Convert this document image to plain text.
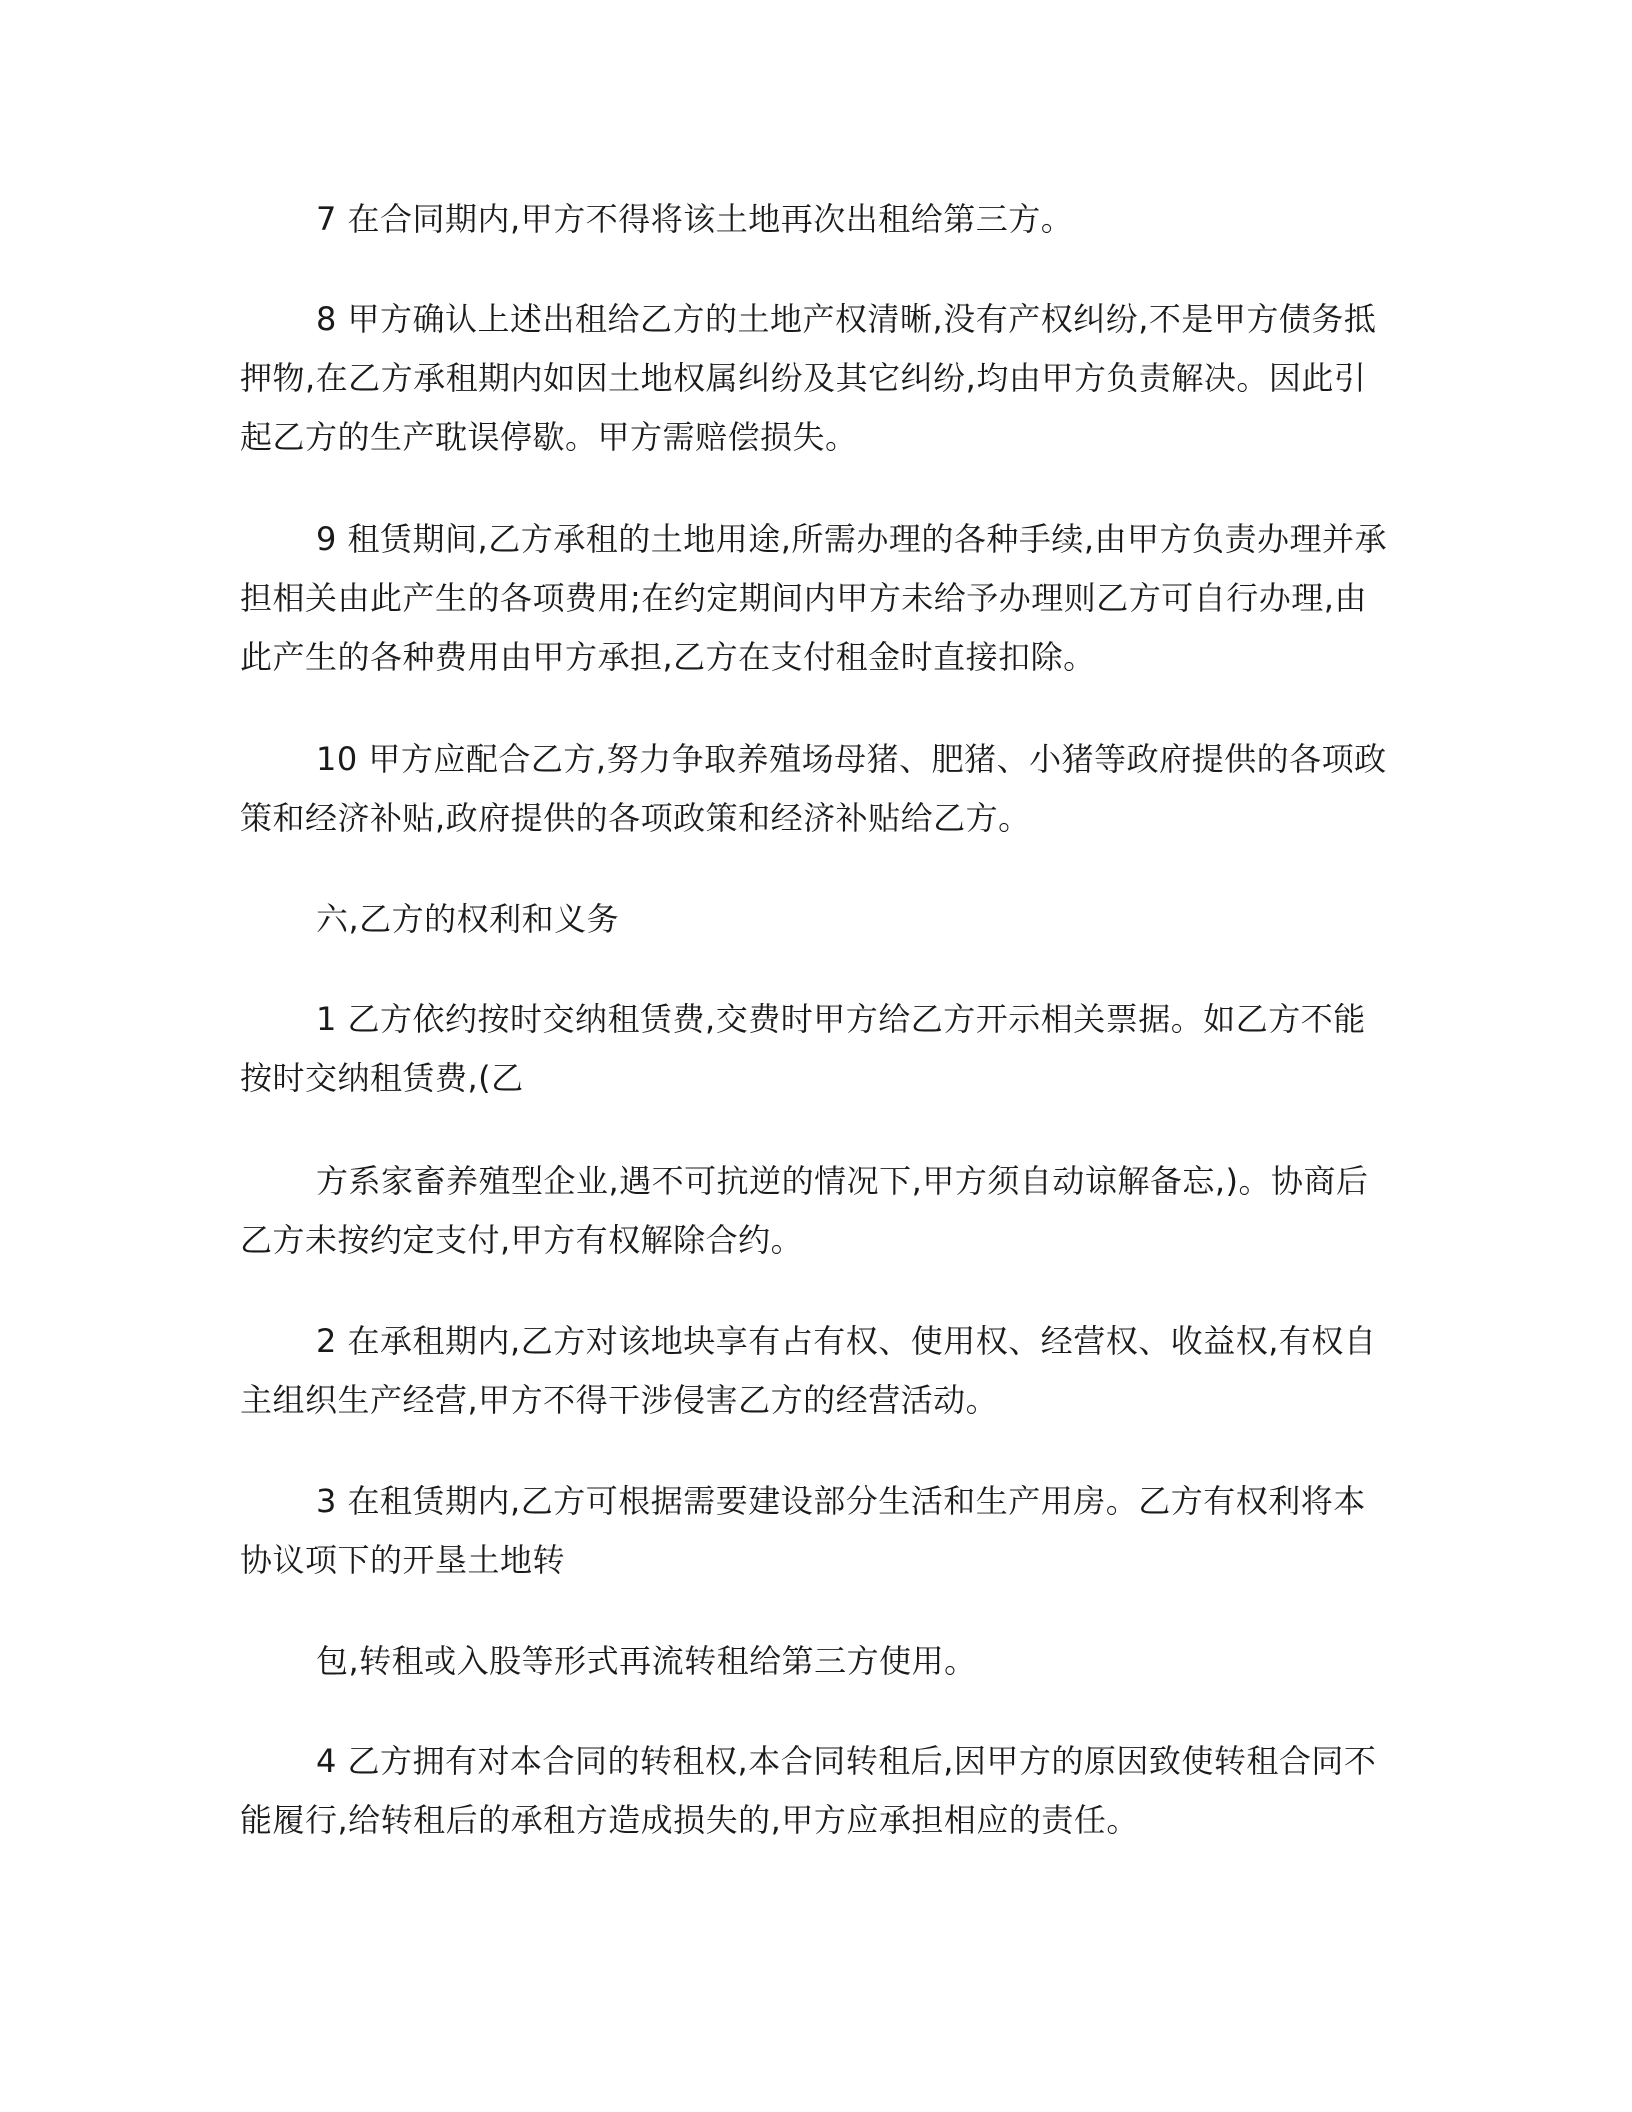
7 在合同期内,甲方不得将该土地再次出租给第三方。

8 甲方确认上述出租给乙方的土地产权清晰,没有产权纠纷,不是甲方债务抵押物,在乙方承租期内如因土地权属纠纷及其它纠纷,均由甲方负责解决。因此引起乙方的生产耽误停歇。甲方需赔偿损失。

9 租赁期间,乙方承租的土地用途,所需办理的各种手续,由甲方负责办理并承担相关由此产生的各项费用;在约定期间内甲方未给予办理则乙方可自行办理,由此产生的各种费用由甲方承担,乙方在支付租金时直接扣除。

10 甲方应配合乙方,努力争取养殖场母猪、肥猪、小猪等政府提供的各项政策和经济补贴,政府提供的各项政策和经济补贴给乙方。

六,乙方的权利和义务

1 乙方依约按时交纳租赁费,交费时甲方给乙方开示相关票据。如乙方不能按时交纳租赁费,(乙

方系家畜养殖型企业,遇不可抗逆的情况下,甲方须自动谅解备忘,)。协商后乙方未按约定支付,甲方有权解除合约。

2 在承租期内,乙方对该地块享有占有权、使用权、经营权、收益权,有权自主组织生产经营,甲方不得干涉侵害乙方的经营活动。

3 在租赁期内,乙方可根据需要建设部分生活和生产用房。乙方有权利将本协议项下的开垦土地转

包,转租或入股等形式再流转租给第三方使用。

4 乙方拥有对本合同的转租权,本合同转租后,因甲方的原因致使转租合同不能履行,给转租后的承租方造成损失的,甲方应承担相应的责任。
